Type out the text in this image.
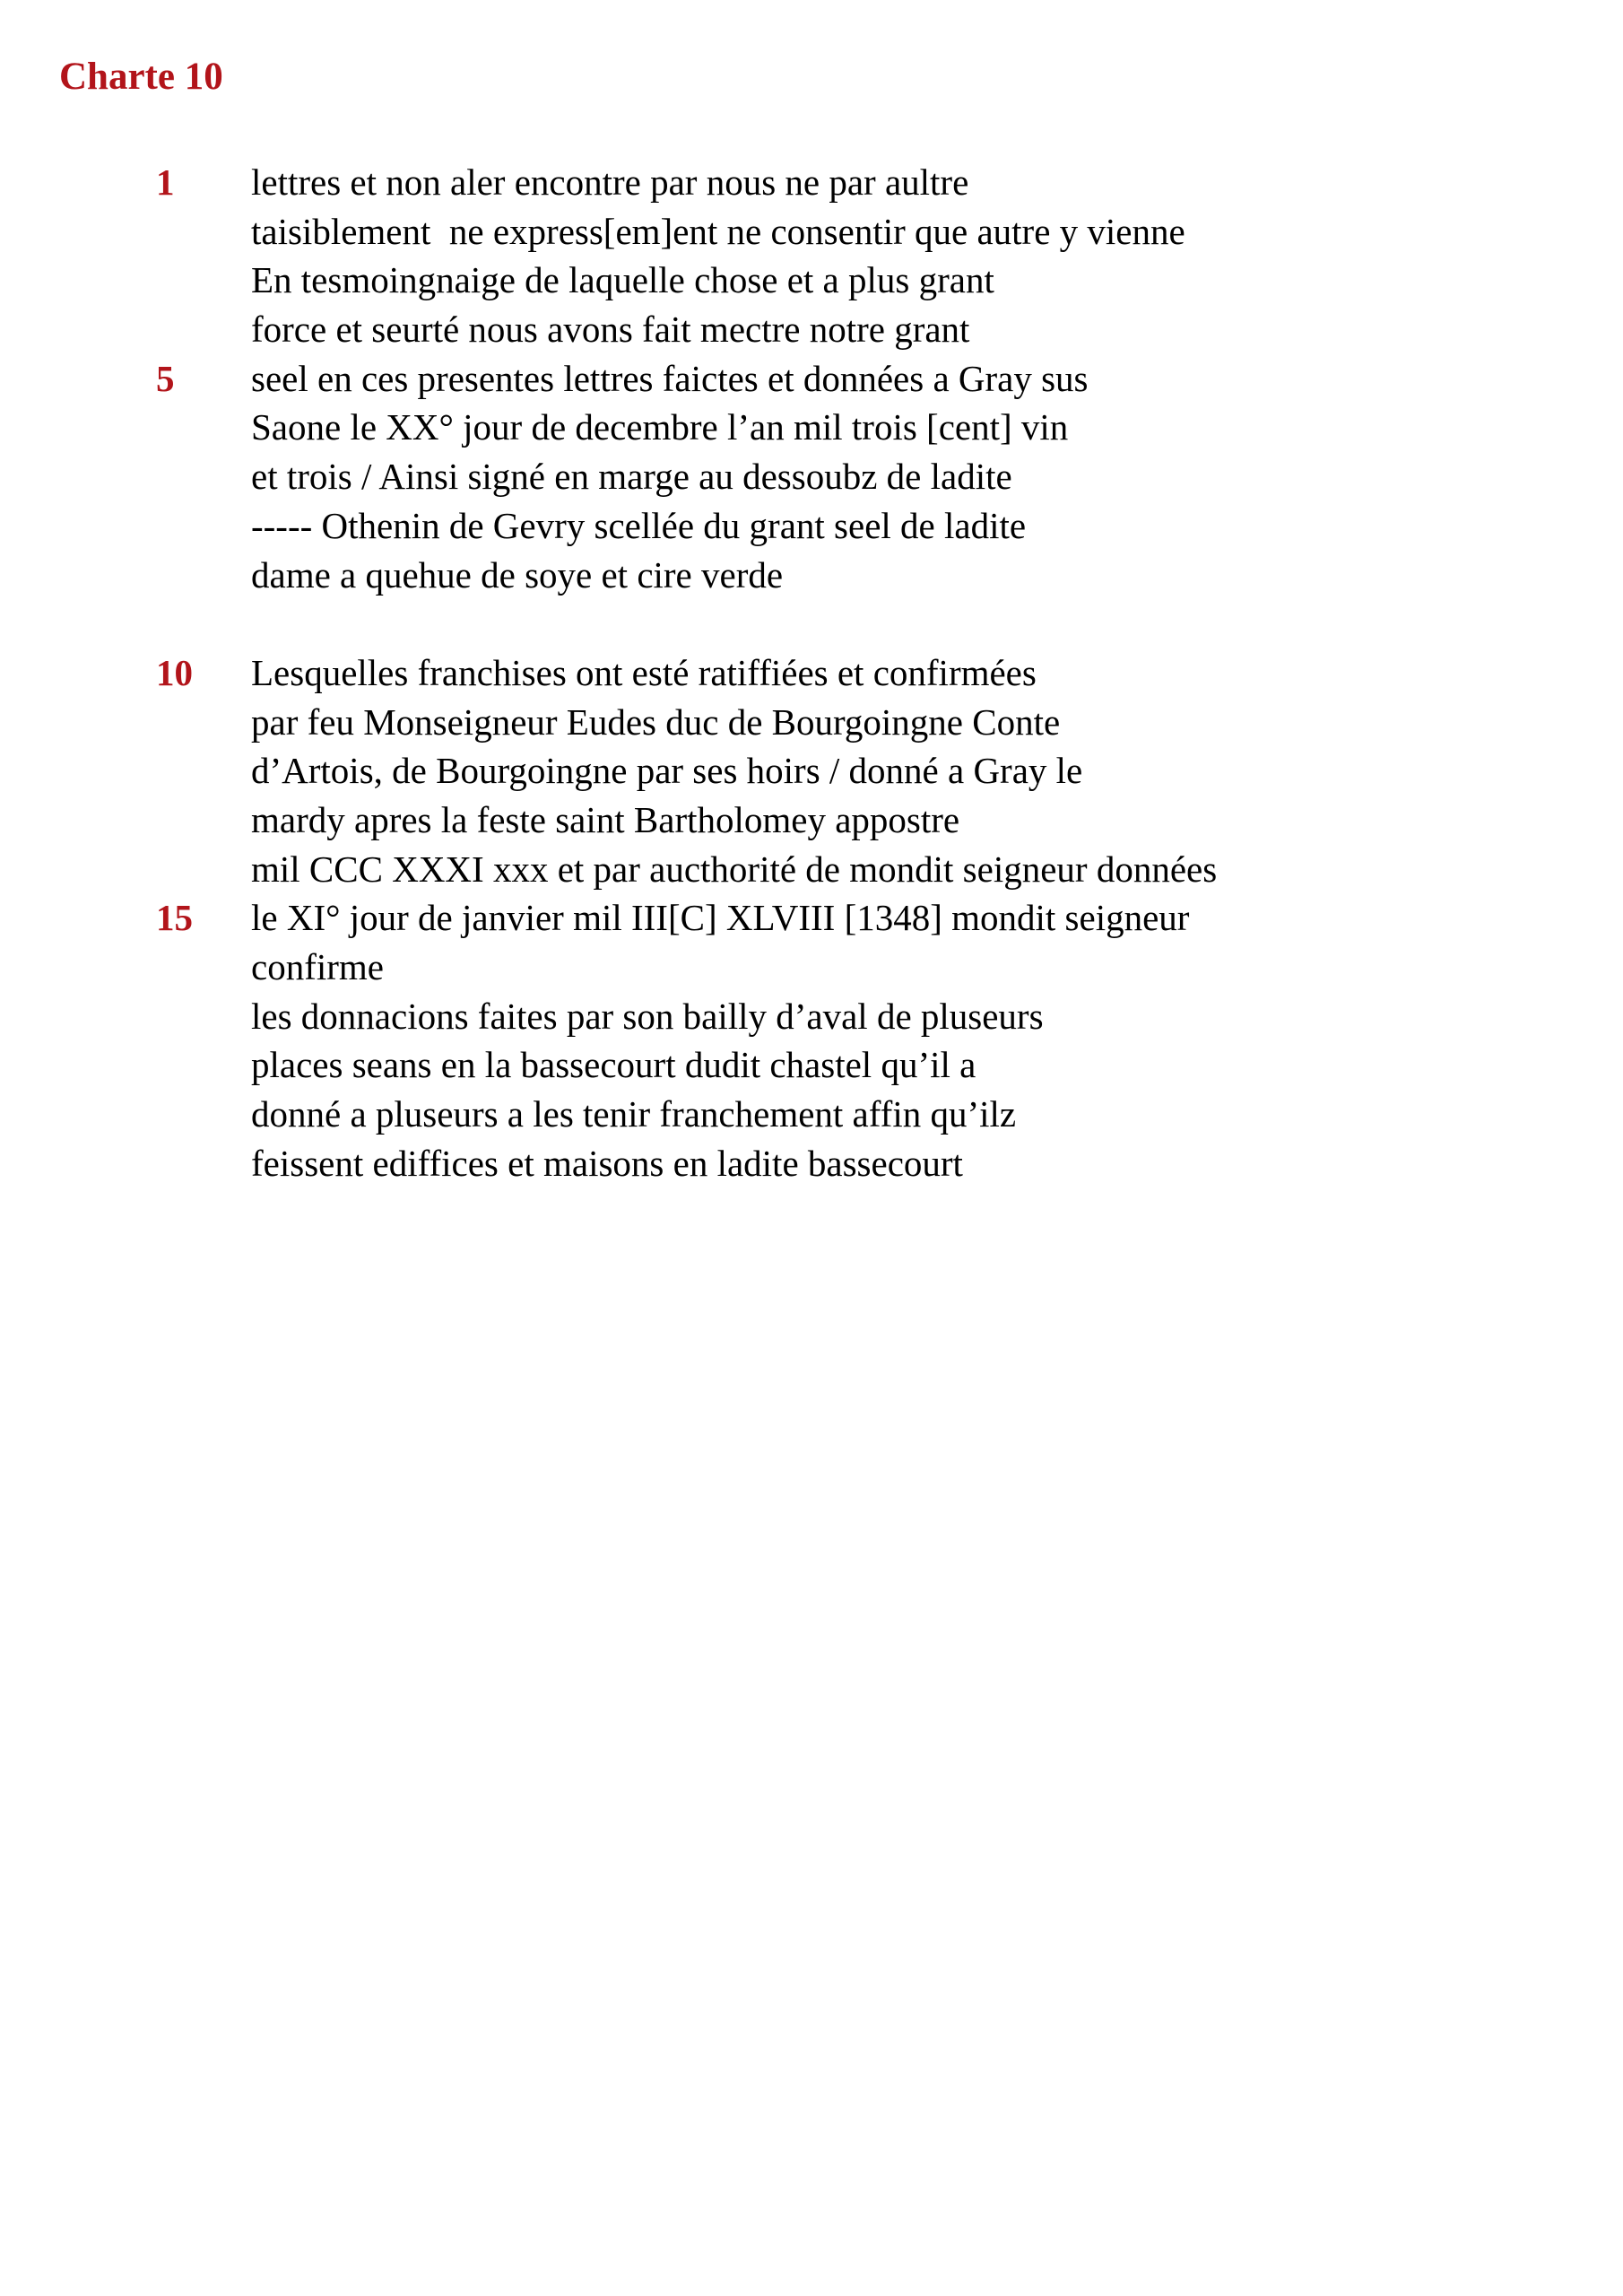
Charte 10

1

lettres et non aler encontre par nous ne par aultre

taisiblement  ne express[em]ent ne consentir que autre y vienne

En tesmoingnaige de laquelle chose et a plus grant

force et seurté nous avons fait mectre notre grant

5

seel en ces presentes lettres faictes et données a Gray sus

Saone le XX° jour de decembre l’an mil trois [cent] vin

et trois / Ainsi signé en marge au dessoubz de ladite

----- Othenin de Gevry scellée du grant seel de ladite

dame a quehue de soye et cire verde

10

Lesquelles franchises ont esté ratiffiées et confirmées

par feu Monseigneur Eudes duc de Bourgoingne Conte

d’Artois, de Bourgoingne par ses hoirs / donné a Gray le

mardy apres la feste saint Bartholomey appostre

mil CCC XXXI xxx et par aucthorité de mondit seigneur données

15

le XI° jour de janvier mil III[C] XLVIII [1348] mondit seigneur

confirme

les donnacions faites par son bailly d’aval de pluseurs

places seans en la bassecourt dudit chastel qu’il a

donné a pluseurs a les tenir franchement affin qu’ilz

feissent ediffices et maisons en ladite bassecourt
